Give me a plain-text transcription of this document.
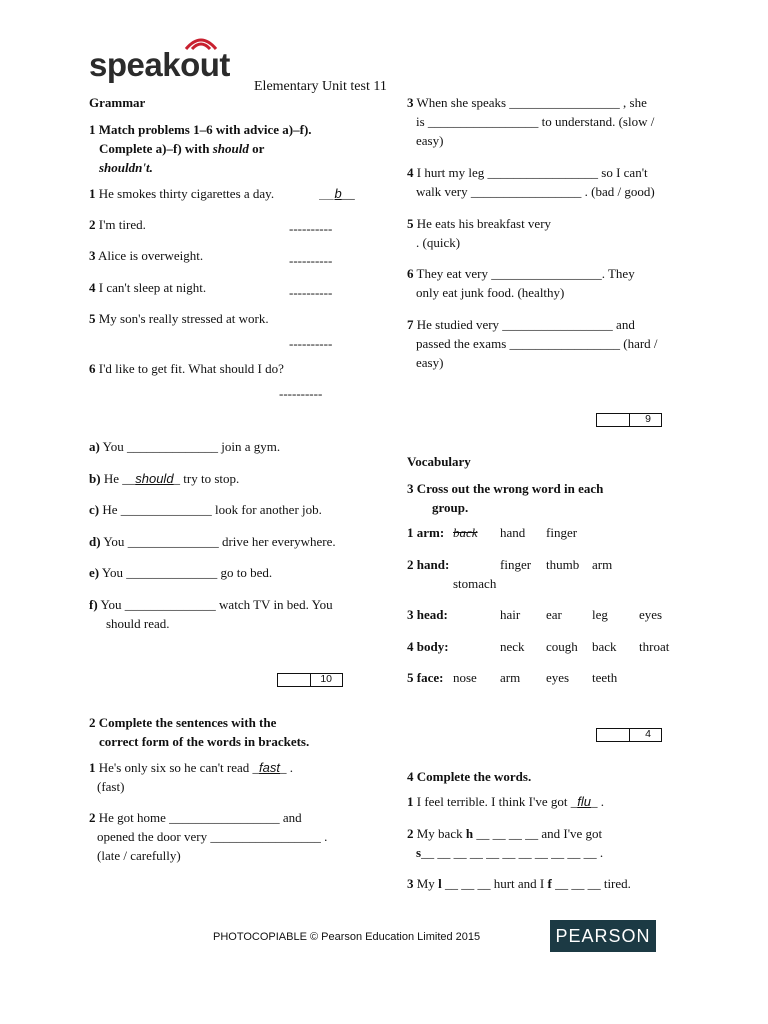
speakout
Elementary Unit test 11
Grammar
1 Match problems 1–6 with advice a)–f).
Complete a)–f) with should or
shouldn't.
1 He smokes thirty cigarettes a day.	__b__
2 I'm tired.	----------
3 Alice is overweight.	----------
4 I can't sleep at night.	----------
5 My son's really stressed at work.
----------
6 I'd like to get fit. What should I do?
----------
a) You ______________ join a gym.
b) He __should_ try to stop.
c) He ______________ look for another job.
d) You ______________ drive her everywhere.
e) You ______________ go to bed.
f) You ______________ watch TV in bed. You
should read.
10
2 Complete the sentences with the
correct form of the words in brackets.
1 He's only six so he can't read _fast_ .
(fast)
2 He got home _________________ and
opened the door very _________________ .
(late / carefully)
3 When she speaks _________________ , she
is _________________ to understand. (slow /
easy)
4 I hurt my leg _________________ so I can't
walk very _________________ . (bad / good)
5 He eats his breakfast very
. (quick)
6 They eat very _________________. They
only eat junk food. (healthy)
7 He studied very _________________ and
passed the exams _________________ (hard /
easy)
9
Vocabulary
3 Cross out the wrong word in each
group.
1 arm: back hand finger
2 hand:	finger thumb arm
stomach
3 head:	hair ear leg eyes
4 body:	neck cough back throat
5 face: nose arm eyes teeth
4
4 Complete the words.
1 I feel terrible. I think I've got _flu_ .
2 My back h __ __ __ __ and I've got
s__ __ __ __ __ __ __ __ __ __ __ .
3 My l __ __ __ hurt and I f __ __ __ tired.
PHOTOCOPIABLE © Pearson Education Limited 2015	PEARSON
